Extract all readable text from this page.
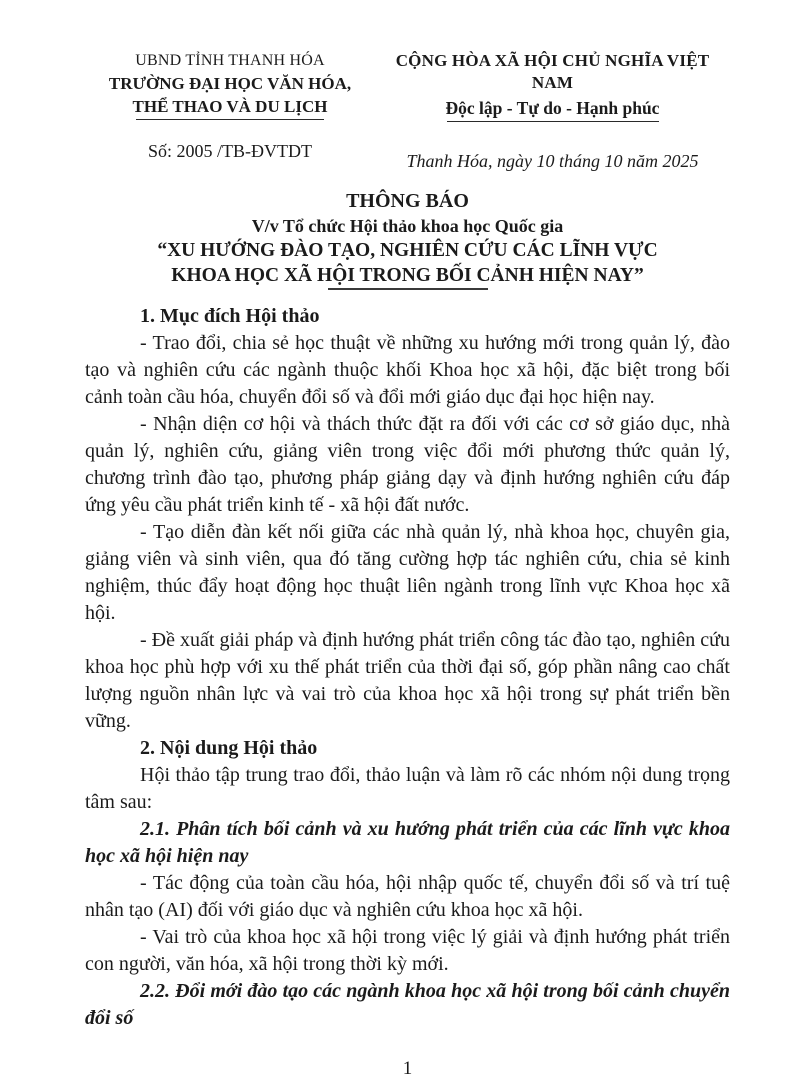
UBND TỈNH THANH HÓA
TRƯỜNG ĐẠI HỌC VĂN HÓA,
THỂ THAO VÀ DU LỊCH
Số: 2005 /TB-ĐVTDT
CỘNG HÒA XÃ HỘI CHỦ NGHĨA VIỆT NAM
Độc lập - Tự do - Hạnh phúc
Thanh Hóa, ngày 10 tháng 10 năm 2025
THÔNG BÁO
V/v Tổ chức Hội thảo khoa học Quốc gia
“XU HƯỚNG ĐÀO TẠO, NGHIÊN CỨU CÁC LĨNH VỰC
KHOA HỌC XÃ HỘI TRONG BỐI CẢNH HIỆN NAY”

1. Mục đích Hội thảo

- Trao đổi, chia sẻ học thuật về những xu hướng mới trong quản lý, đào tạo và nghiên cứu các ngành thuộc khối Khoa học xã hội, đặc biệt trong bối cảnh toàn cầu hóa, chuyển đổi số và đổi mới giáo dục đại học hiện nay.

- Nhận diện cơ hội và thách thức đặt ra đối với các cơ sở giáo dục, nhà quản lý, nghiên cứu, giảng viên trong việc đổi mới phương thức quản lý, chương trình đào tạo, phương pháp giảng dạy và định hướng nghiên cứu đáp ứng yêu cầu phát triển kinh tế - xã hội đất nước.

- Tạo diễn đàn kết nối giữa các nhà quản lý, nhà khoa học, chuyên gia, giảng viên và sinh viên, qua đó tăng cường hợp tác nghiên cứu, chia sẻ kinh nghiệm, thúc đẩy hoạt động học thuật liên ngành trong lĩnh vực Khoa học xã hội.

- Đề xuất giải pháp và định hướng phát triển công tác đào tạo, nghiên cứu khoa học phù hợp với xu thế phát triển của thời đại số, góp phần nâng cao chất lượng nguồn nhân lực và vai trò của khoa học xã hội trong sự phát triển bền vững.

2. Nội dung Hội thảo

Hội thảo tập trung trao đổi, thảo luận và làm rõ các nhóm nội dung trọng tâm sau:

2.1. Phân tích bối cảnh và xu hướng phát triển của các lĩnh vực khoa học xã hội hiện nay

- Tác động của toàn cầu hóa, hội nhập quốc tế, chuyển đổi số và trí tuệ nhân tạo (AI) đối với giáo dục và nghiên cứu khoa học xã hội.

- Vai trò của khoa học xã hội trong việc lý giải và định hướng phát triển con người, văn hóa, xã hội trong thời kỳ mới.

2.2. Đổi mới đào tạo các ngành khoa học xã hội trong bối cảnh chuyển đổi số

1
